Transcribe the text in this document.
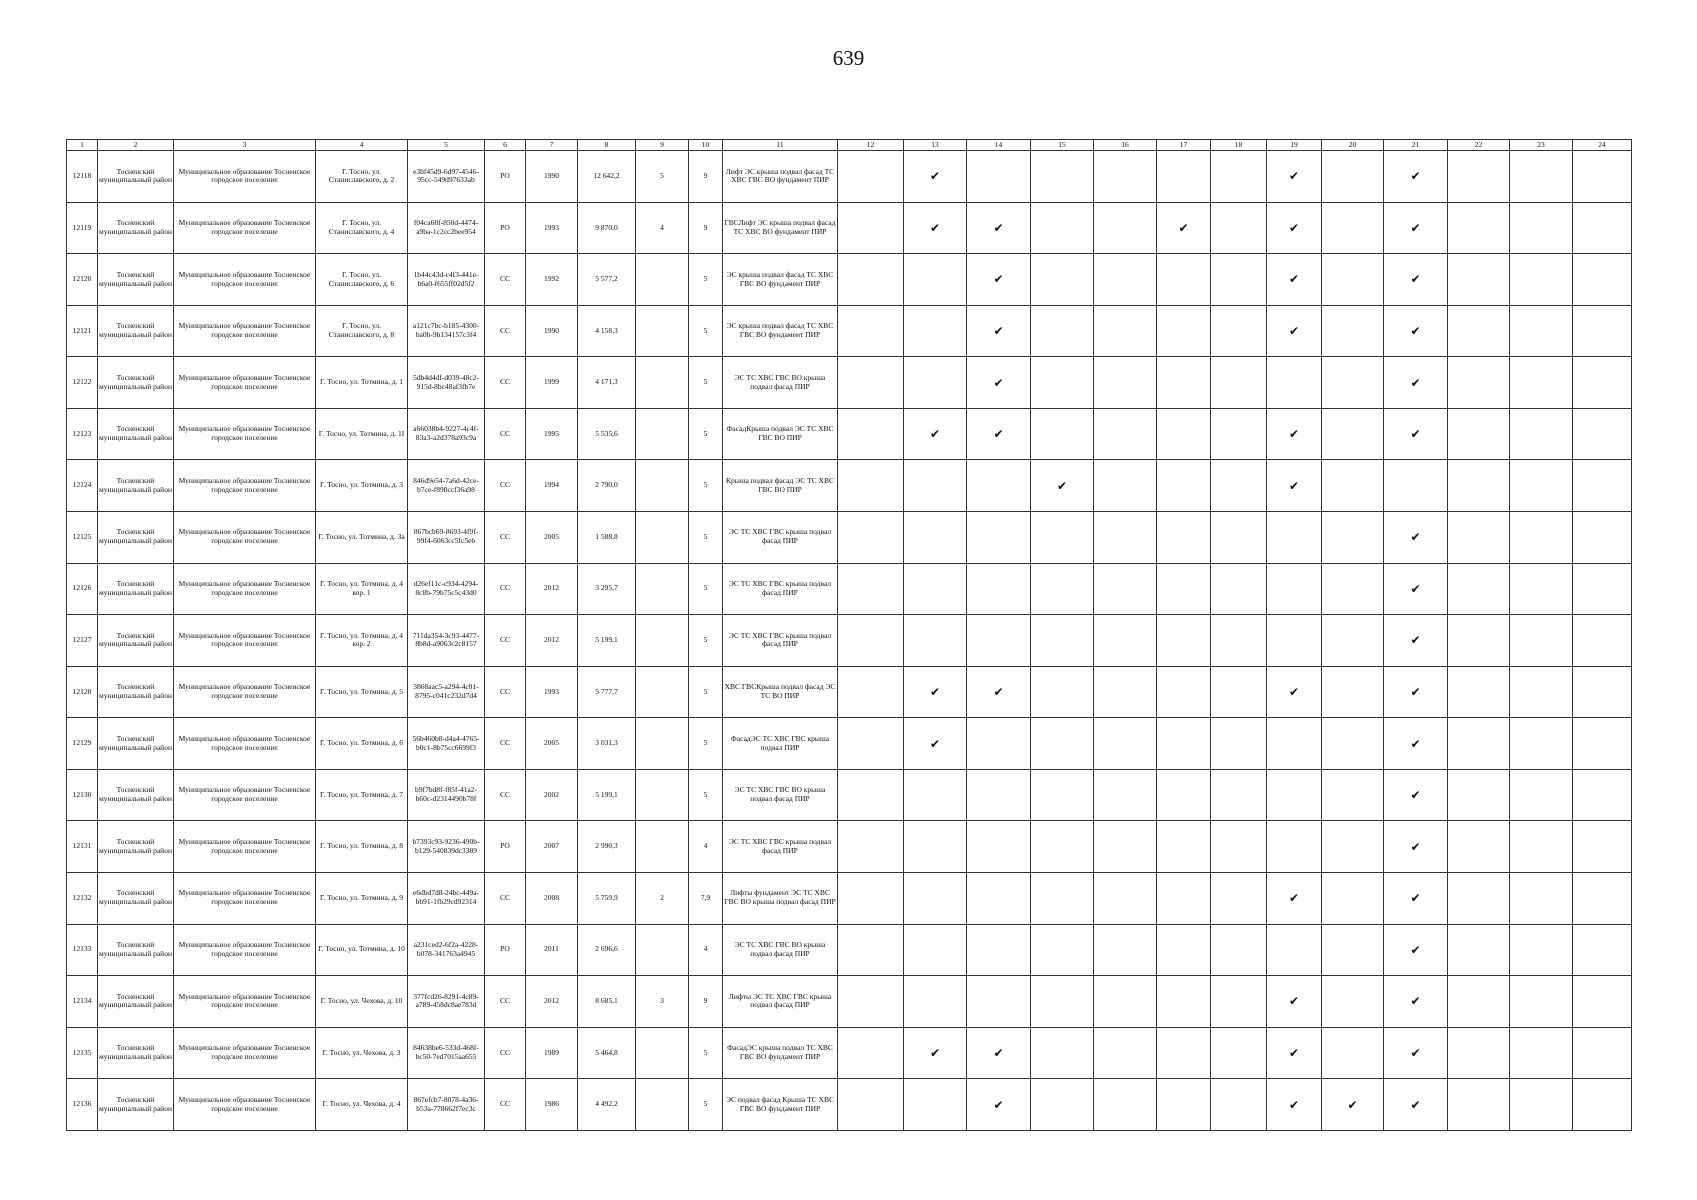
639
1	2	3	4	5	6	7	8	9	10	11	12	13	14	15	16	17	18	19	20	21	22	23	24
12118	Тосненский муниципальный район	Муниципальное образование Тосненское городское поселение	Г. Тосно, ул. Станиславского, д. 2	e3bf45d9-6d97-4546-95cc-549d97633ab	РО	1990	12 642,2	5	9	Лифт ЭС крыша подвал фасад ТС ХВС ГВС ВО фундамент ПИР		✔						✔		✔			
12119	Тосненский муниципальный район	Муниципальное образование Тосненское городское поселение	Г. Тосно, ул. Станиславского, д. 4	f04ca68f-850d-4474-a9ba-1c2cc2bee954	РО	1993	9 870,0	4	9	ГВСЛифт ЭС крыша подвал фасад ТС ХВС ВО фундамент ПИР		✔	✔			✔		✔		✔			
12120	Тосненский муниципальный район	Муниципальное образование Тосненское городское поселение	Г. Тосно, ул. Станиславского, д. 6	1b44c43d-c4f3-441e-b6a0-f655ff02d5f2	СС	1992	5 577,2		5	ЭС крыша подвал фасад ТС ХВС ГВС ВО фундамент ПИР			✔					✔		✔			
12121	Тосненский муниципальный район	Муниципальное образование Тосненское городское поселение	Г. Тосно, ул. Станиславского, д. 8	a121c7bc-b185-4300-ba0b-9b134157c3f4	СС	1990	4 158,3		5	ЭС крыша подвал фасад ТС ХВС ГВС ВО фундамент ПИР			✔					✔		✔			
12122	Тосненский муниципальный район	Муниципальное образование Тосненское городское поселение	Г. Тосно, ул. Тотмина, д. 1	5db4d4df-d039-48c2-915d-8bc48af3fb7e	СС	1999	4 171,3		5	ЭС ТС ХВС ГВС ВО крыша подвал фасад ПИР			✔							✔			
12123	Тосненский муниципальный район	Муниципальное образование Тосненское городское поселение	Г. Тосно, ул. Тотмина, д. 1І	a66038b4-9227-4c4f-83a3-a2d378a93c9a	СС	1995	5 535,6		5	ФасадКрыша подвал ЭС ТС ХВС ГВС ВО ПИР		✔	✔					✔		✔			
12124	Тосненский муниципальный район	Муниципальное образование Тосненское городское поселение	Г. Тосно, ул. Тотмина, д. 3	846d9e54-7a6d-42ce-b7ce-f898ccf36a98	СС	1994	2 790,0		5	Крыша подвал фасад ЭС ТС ХВС ГВС ВО ПИР				✔				✔					
12125	Тосненский муниципальный район	Муниципальное образование Тосненское городское поселение	Г. Тосно, ул. Тотмина, д. 3а	867bcb69-8693-4f9f-99f4-6063cc5fc5eb	СС	2005	1 588,8		5	ЭС ТС ХВС ГВС крыша подвал фасад ПИР										✔			
12126	Тосненский муниципальный район	Муниципальное образование Тосненское городское поселение	Г. Тосно, ул. Тотмина, д. 4 кор. 1	d26ef11c-c934-4294-8c8b-79b75c5c43d0	СС	2012	3 295,7		5	ЭС ТС ХВС ГВС крыша подвал фасад ПИР										✔			
12127	Тосненский муниципальный район	Муниципальное образование Тосненское городское поселение	Г. Тосно, ул. Тотмина, д. 4 кор. 2	711da354-3c93-4477-8b8d-a9063c2c8157	СС	2012	5 199,1		5	ЭС ТС ХВС ГВС крыша подвал фасад ПИР										✔			
12128	Тосненский муниципальный район	Муниципальное образование Тосненское городское поселение	Г. Тосно, ул. Тотмина, д. 5	3868aac5-a294-4c81-8795-c041c232d7d4	СС	1993	5 777,7		5	ХВС ГВСКрыша подвал фасад ЭС ТС ВО ПИР		✔	✔					✔		✔			
12129	Тосненский муниципальный район	Муниципальное образование Тосненское городское поселение	Г. Тосно, ул. Тотмина, д. 6	56b460b8-d4a4-4765-b0c1-8b75cc6699f3	СС	2005	3 031,3		5	ФасадЭС ТС ХВС ГВС крыша подвал ПИР		✔								✔			
12130	Тосненский муниципальный район	Муниципальное образование Тосненское городское поселение	Г. Тосно, ул. Тотмина, д. 7	b9f7bd8f-f85f-41a2-b60c-d2314490b78f	СС	2002	5 199,1		5	ЭС ТС ХВС ГВС ВО крыша подвал фасад ПИР										✔			
12131	Тосненский муниципальный район	Муниципальное образование Тосненское городское поселение	Г. Тосно, ул. Тотмина, д. 8	b7393c93-9236-490b-b129-540839dc3389	РО	2007	2 990,3		4	ЭС ТС ХВС ГВС крыша подвал фасад ПИР										✔			
12132	Тосненский муниципальный район	Муниципальное образование Тосненское городское поселение	Г. Тосно, ул. Тотмина, д. 9	e6dbd7d8-24bc-449a-bb91-1fb29cd92314	СС	2008	5 759,9	2	7,9	Лифты фундамент ЭС ТС ХВС ГВС ВО крыша подвал фасад ПИР								✔		✔			
12133	Тосненский муниципальный район	Муниципальное образование Тосненское городское поселение	Г. Тосно, ул. Тотмина, д. 10	a231ced2-6f2a-4228-b078-341763a4945	РО	2011	2 696,6		4	ЭС ТС ХВС ГВС ВО крыша подвал фасад ПИР										✔			
12134	Тосненский муниципальный район	Муниципальное образование Тосненское городское поселение	Г. Тосно, ул. Чехова, д. 10	377fcd26-8291-4c89-a789-458dc8ae783d	СС	2012	8 685,1	3	9	Лифты ЭС ТС ХВС ГВС крыша подвал фасад ПИР								✔		✔			
12135	Тосненский муниципальный район	Муниципальное образование Тосненское городское поселение	Г. Тосно, ул. Чехова, д. 3	84638be6-533d-468f-bc50-7ed7015aa655	СС	1989	5 464,8		5	ФасадЭС крыша подвал ТС ХВС ГВС ВО фундамент ПИР		✔	✔					✔		✔			
12136	Тосненский муниципальный район	Муниципальное образование Тосненское городское поселение	Г. Тосно, ул. Чехова, д. 4	867efcb7-8078-4a36-b53a-778662f7ec3c	СС	1986	4 492,2		5	ЭС подвал фасад Крыша ТС ХВС ГВС ВО фундамент ПИР			✔					✔	✔	✔			
